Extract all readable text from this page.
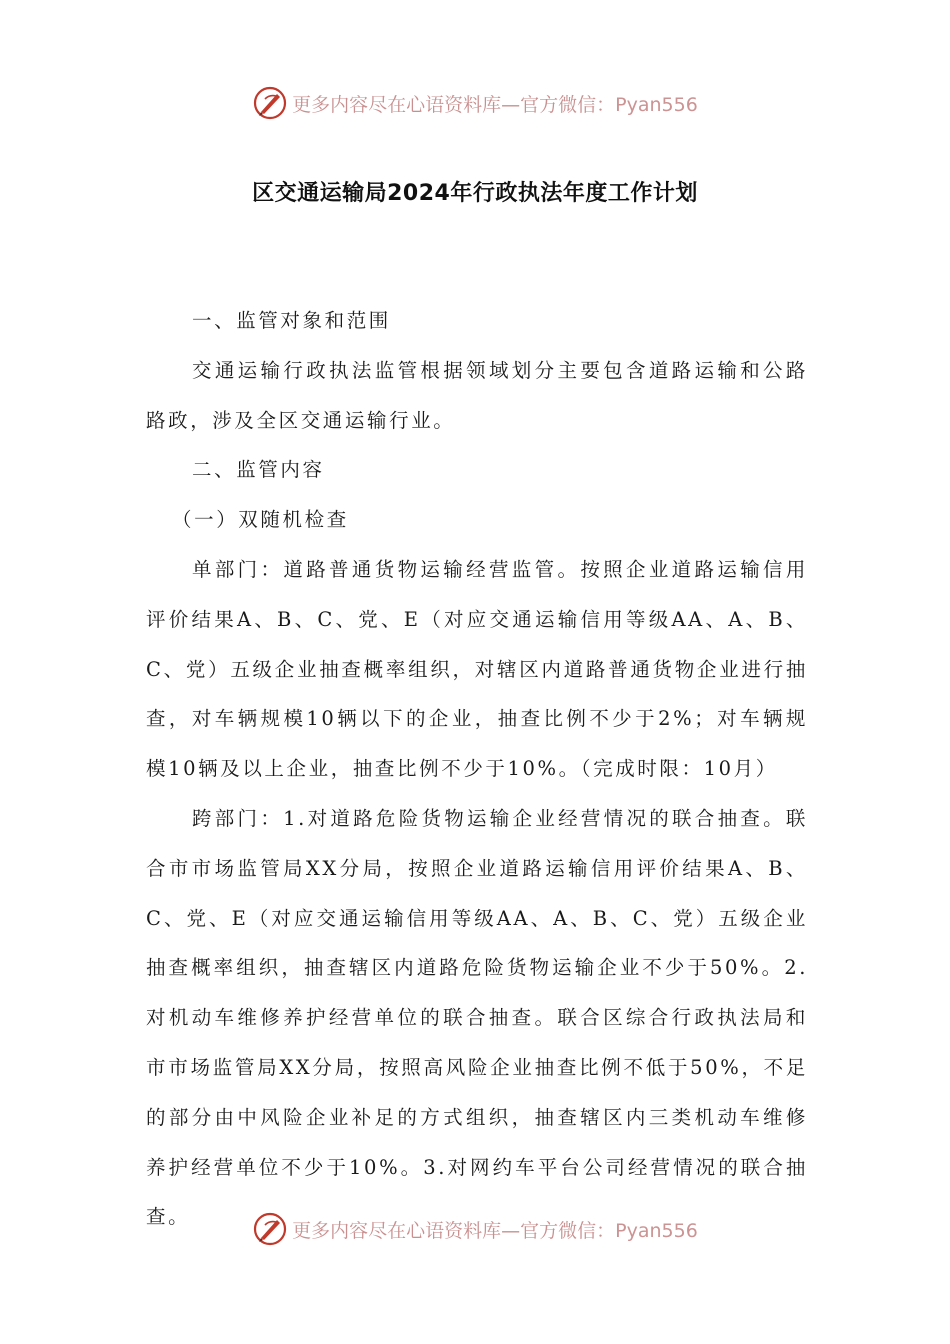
更多内容尽在心语资料库—官方微信：Pyan556
区交通运输局2024年行政执法年度工作计划

一、监管对象和范围

交通运输行政执法监管根据领域划分主要包含道路运输和公路路政，涉及全区交通运输行业。

二、监管内容

（一）双随机检查

单部门：道路普通货物运输经营监管。按照企业道路运输信用评价结果A、B、C、党、E（对应交通运输信用等级AA、A、B、C、党）五级企业抽查概率组织，对辖区内道路普通货物企业进行抽查，对车辆规模10辆以下的企业，抽查比例不少于2%；对车辆规模10辆及以上企业，抽查比例不少于10%。（完成时限：10月）

跨部门：1.对道路危险货物运输企业经营情况的联合抽查。联合市市场监管局XX分局，按照企业道路运输信用评价结果A、B、C、党、E（对应交通运输信用等级AA、A、B、C、党）五级企业抽查概率组织，抽查辖区内道路危险货物运输企业不少于50%。2.对机动车维修养护经营单位的联合抽查。联合区综合行政执法局和市市场监管局XX分局，按照高风险企业抽查比例不低于50%，不足的部分由中风险企业补足的方式组织，抽查辖区内三类机动车维修养护经营单位不少于10%。3.对网约车平台公司经营情况的联合抽查。

更多内容尽在心语资料库—官方微信：Pyan556
